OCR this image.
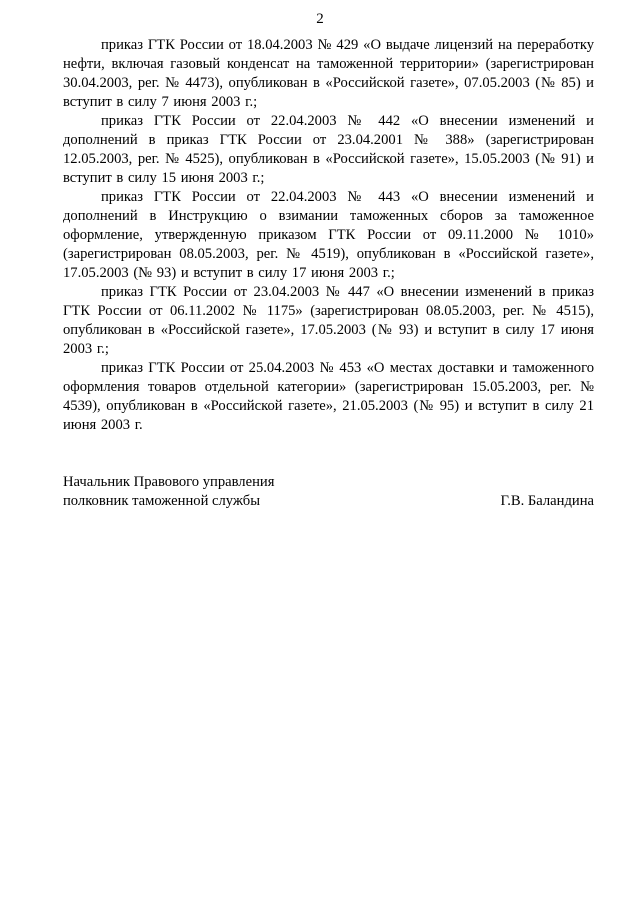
2

приказ ГТК России от 18.04.2003 № 429 «О выдаче лицензий на переработку нефти, включая газовый конденсат на таможенной территории» (зарегистрирован 30.04.2003, рег. № 4473), опубликован в «Российской газете», 07.05.2003 (№ 85) и вступит в силу 7 июня 2003 г.;

приказ ГТК России от 22.04.2003 № 442 «О внесении изменений и дополнений в приказ ГТК России от 23.04.2001 № 388» (зарегистрирован 12.05.2003, рег. № 4525), опубликован в «Российской газете», 15.05.2003 (№ 91) и вступит в силу 15 июня 2003 г.;

приказ ГТК России от 22.04.2003 № 443 «О внесении изменений и дополнений в Инструкцию о взимании таможенных сборов за таможенное оформление, утвержденную приказом ГТК России от 09.11.2000 № 1010» (зарегистрирован 08.05.2003, рег. № 4519), опубликован в «Российской газете», 17.05.2003 (№ 93) и вступит в силу 17 июня 2003 г.;

приказ ГТК России от 23.04.2003 № 447 «О внесении изменений в приказ ГТК России от 06.11.2002 № 1175» (зарегистрирован 08.05.2003, рег. № 4515), опубликован в «Российской газете», 17.05.2003 (№ 93) и вступит в силу 17 июня 2003 г.;

приказ ГТК России от 25.04.2003 № 453 «О местах доставки и таможенного оформления товаров отдельной категории» (зарегистрирован 15.05.2003, рег. № 4539), опубликован в «Российской газете», 21.05.2003 (№ 95) и вступит в силу 21 июня 2003 г.

Начальник Правового управления
полковник таможенной службы	Г.В. Баландина
